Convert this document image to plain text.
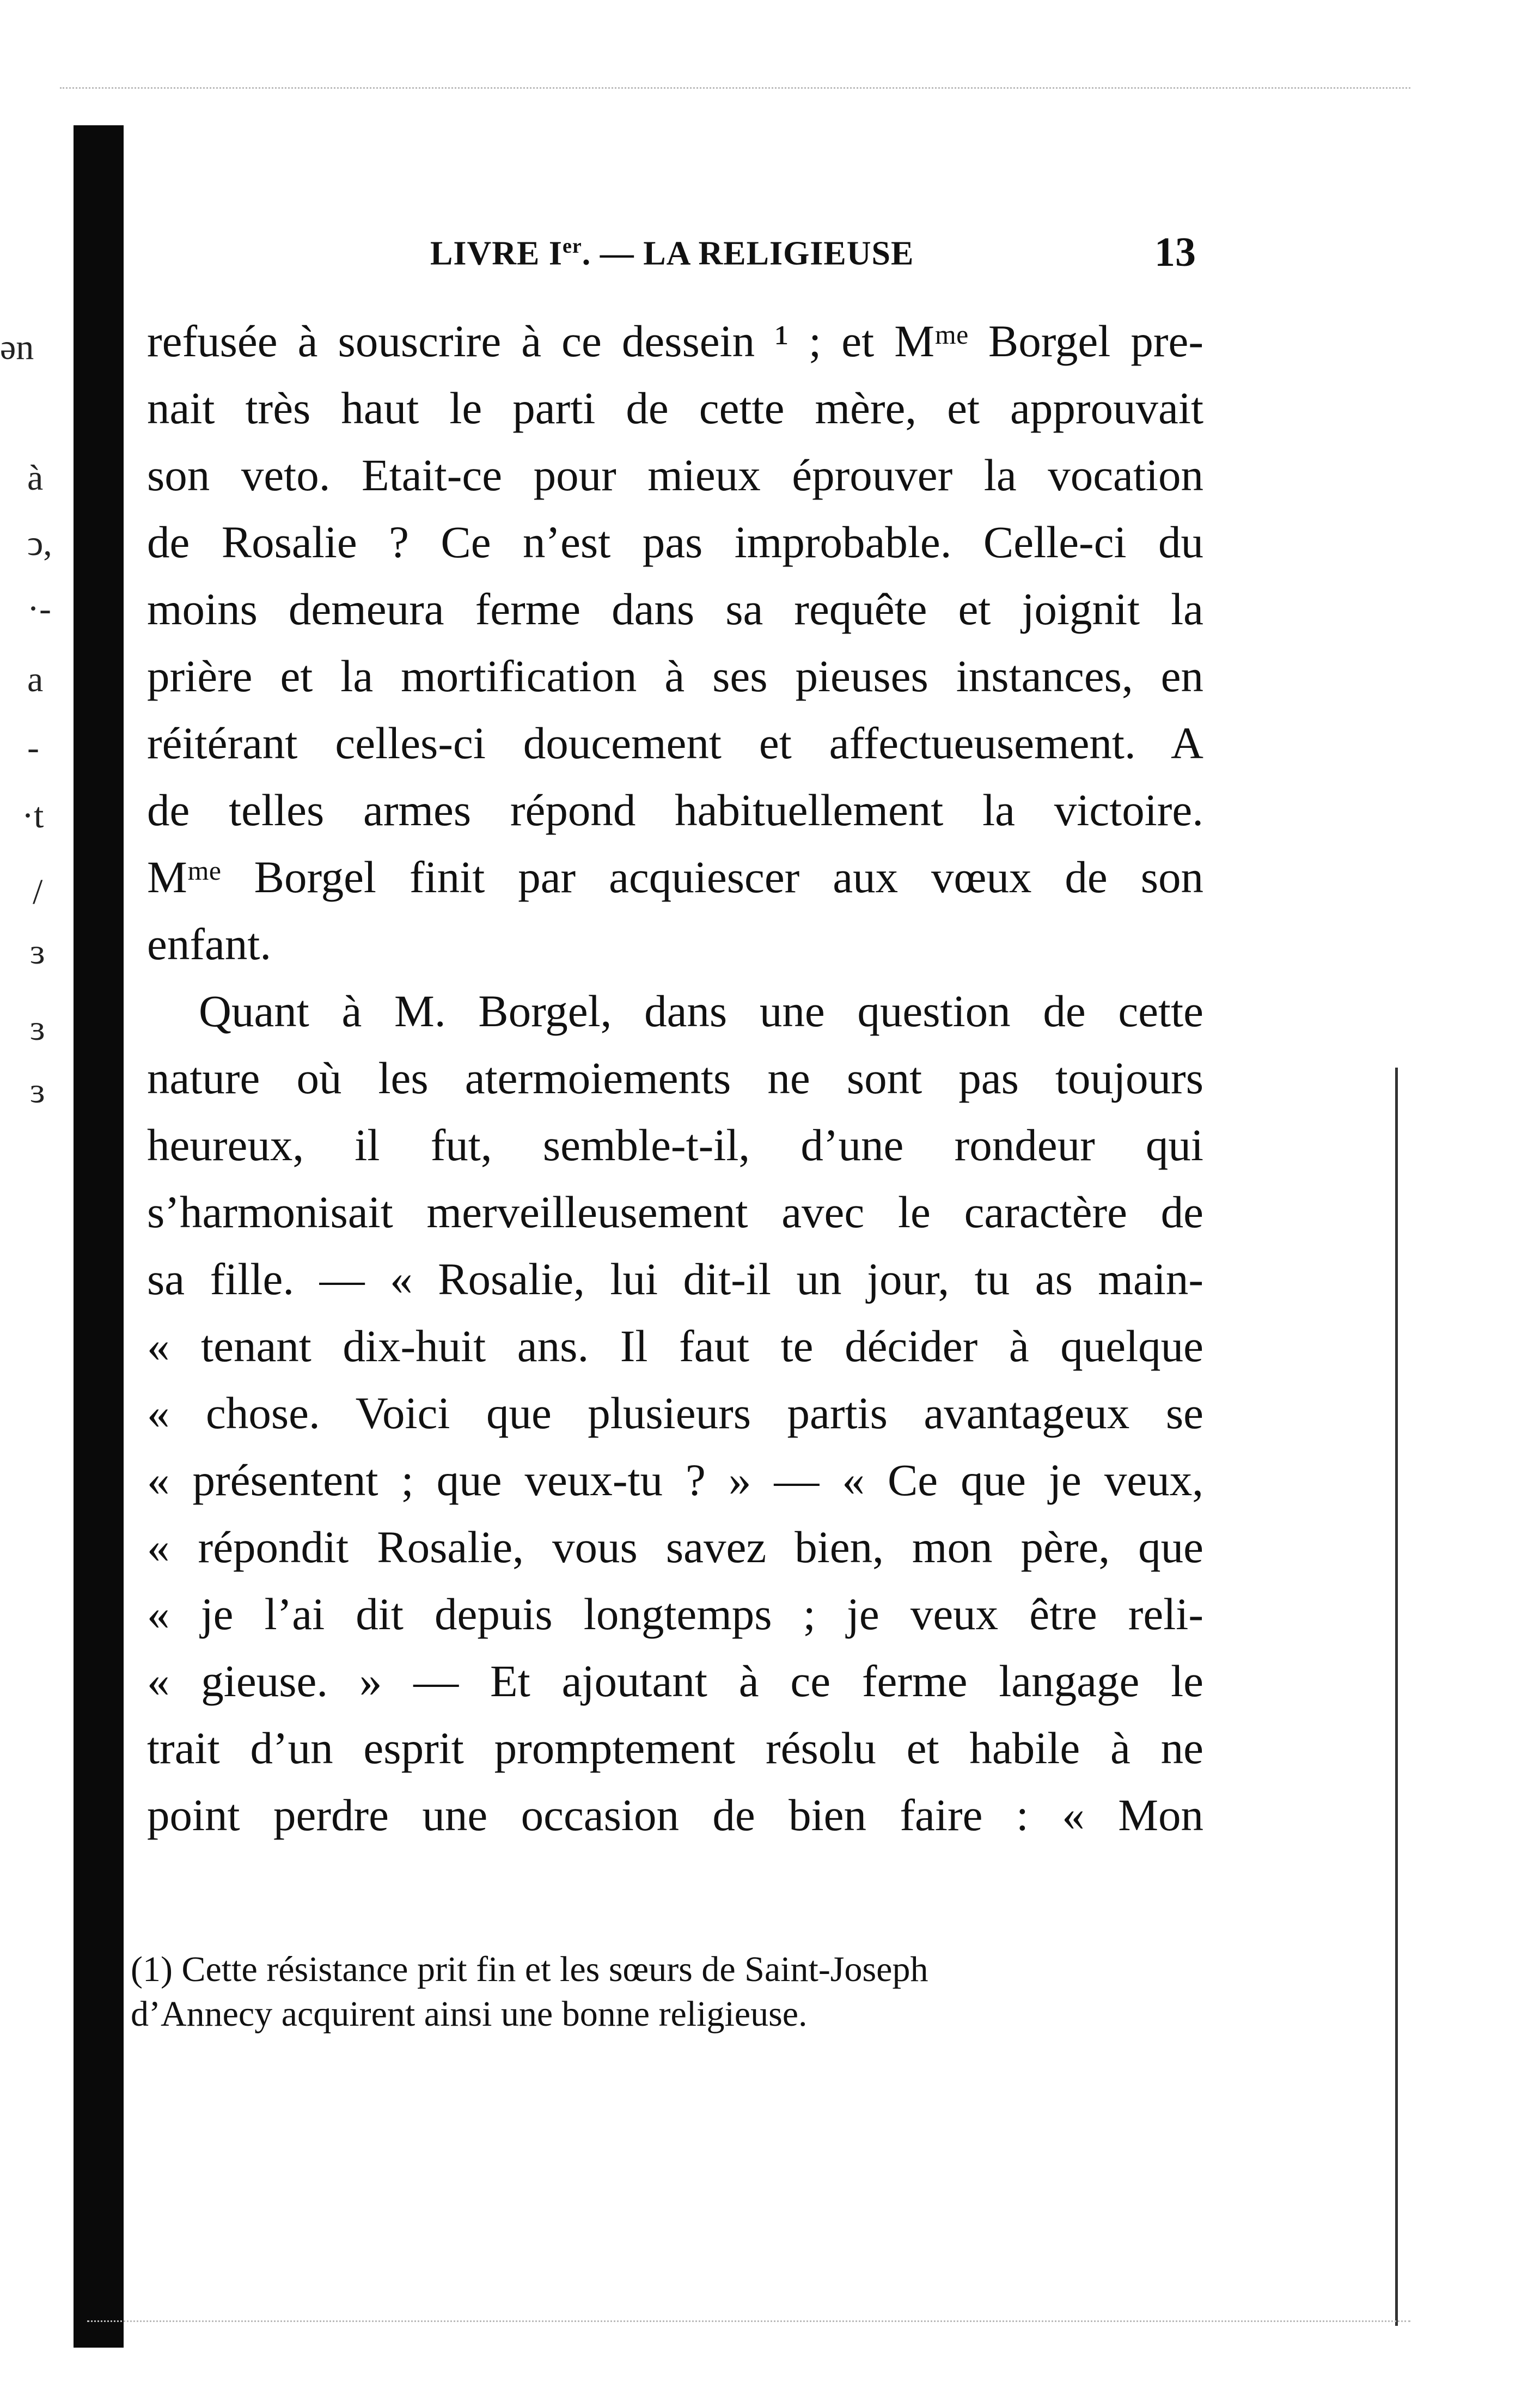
LIVRE Ier. — LA RELIGIEUSE	13
ən
à
ͻ,
·-
a
-
·t
/
ɜ
ɜ
ɜ
refusée à souscrire à ce dessein ¹ ; et Mᵐᵉ Borgel pre-
nait très haut le parti de cette mère, et approuvait
son veto. Etait-ce pour mieux éprouver la vocation
de Rosalie ? Ce n’est pas improbable. Celle-ci du
moins demeura ferme dans sa requête et joignit la
prière et la mortification à ses pieuses instances, en
réitérant celles-ci doucement et affectueusement. A
de telles armes répond habituellement la victoire.
Mᵐᵉ Borgel finit par acquiescer aux vœux de son
enfant.
Quant à M. Borgel, dans une question de cette
nature où les atermoiements ne sont pas toujours
heureux, il fut, semble-t-il, d’une rondeur qui
s’harmonisait merveilleusement avec le caractère de
sa fille. — « Rosalie, lui dit-il un jour, tu as main-
« tenant dix-huit ans. Il faut te décider à quelque
« chose. Voici que plusieurs partis avantageux se
« présentent ; que veux-tu ? » — « Ce que je veux,
« répondit Rosalie, vous savez bien, mon père, que
« je l’ai dit depuis longtemps ; je veux être reli-
« gieuse. » — Et ajoutant à ce ferme langage le
trait d’un esprit promptement résolu et habile à ne
point perdre une occasion de bien faire : « Mon
(1) Cette résistance prit fin et les sœurs de Saint-Joseph
d’Annecy acquirent ainsi une bonne religieuse.
